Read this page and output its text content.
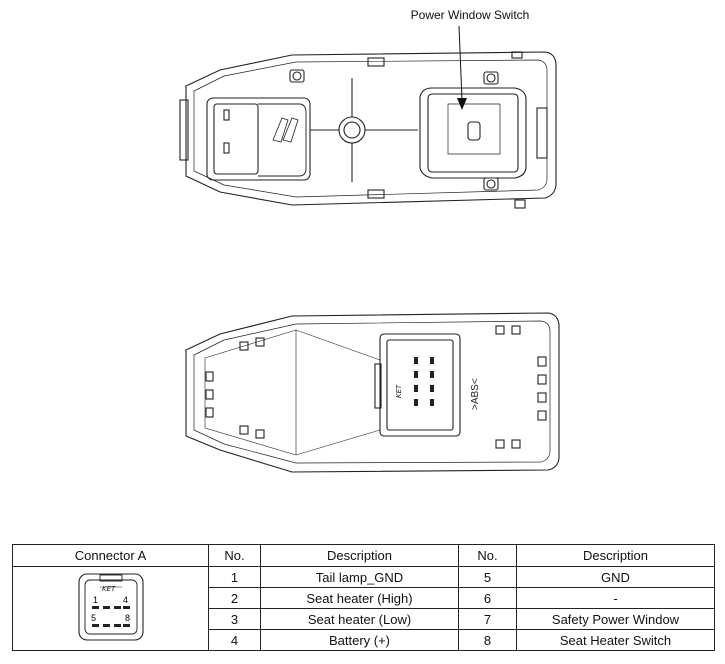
KET	>ABS<
Power Window Switch
Connector A	No.	Description	No.	Description

KET
1 4
5 8	1	Tail lamp_GND	5	GND
	2	Seat heater (High)	6	-
	3	Seat heater (Low)	7	Safety Power Window
	4	Battery (+)	8	Seat Heater Switch
